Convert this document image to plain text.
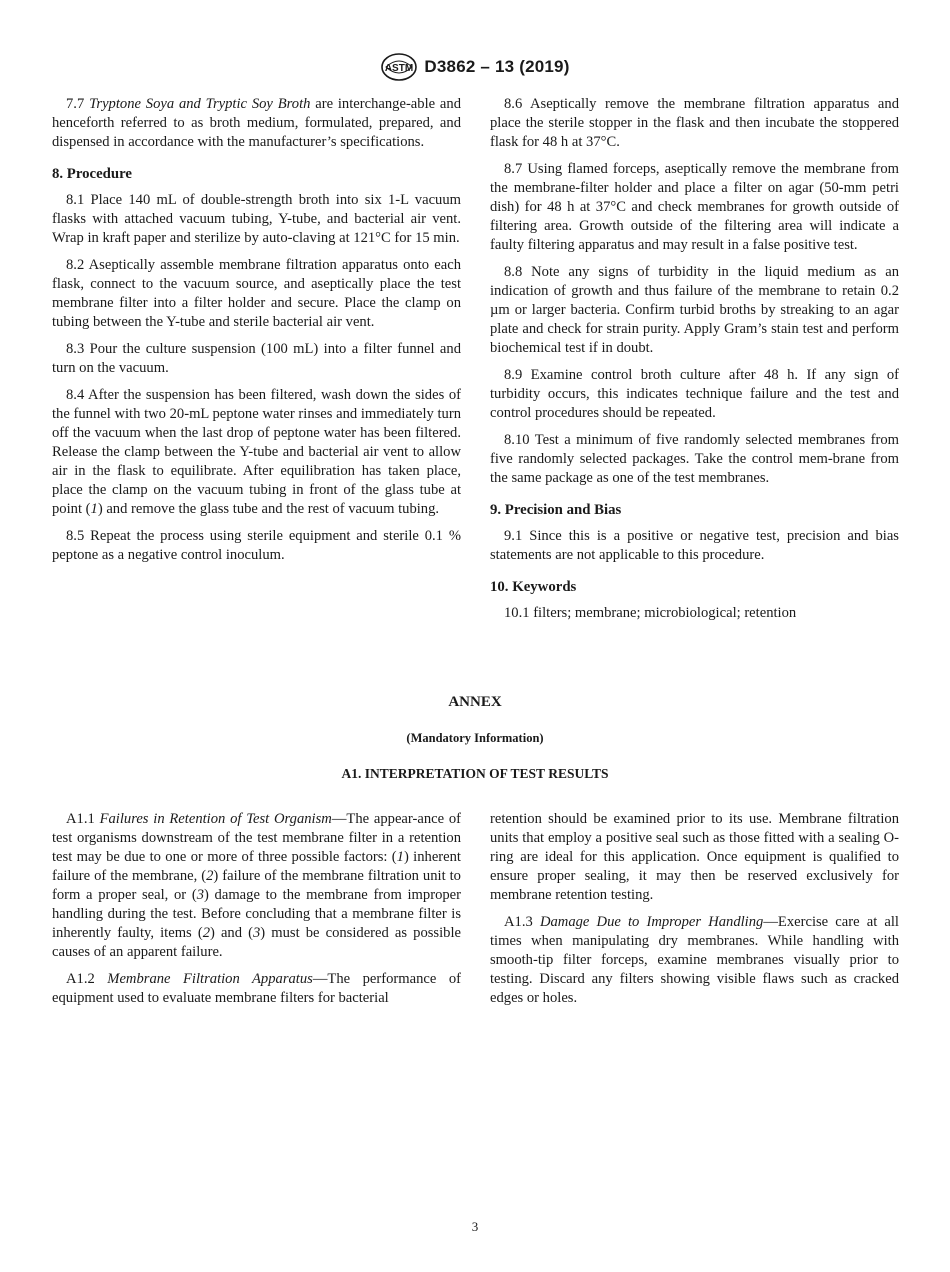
ASTM D3862 – 13 (2019)

7.7 Tryptone Soya and Tryptic Soy Broth are interchange-able and henceforth referred to as broth medium, formulated, prepared, and dispensed in accordance with the manufacturer’s specifications.

8. Procedure

8.1 Place 140 mL of double-strength broth into six 1-L vacuum flasks with attached vacuum tubing, Y-tube, and bacterial air vent. Wrap in kraft paper and sterilize by auto-claving at 121°C for 15 min.

8.2 Aseptically assemble membrane filtration apparatus onto each flask, connect to the vacuum source, and aseptically place the test membrane filter into a filter holder and secure. Place the clamp on tubing between the Y-tube and sterile bacterial air vent.

8.3 Pour the culture suspension (100 mL) into a filter funnel and turn on the vacuum.

8.4 After the suspension has been filtered, wash down the sides of the funnel with two 20-mL peptone water rinses and immediately turn off the vacuum when the last drop of peptone water has been filtered. Release the clamp between the Y-tube and bacterial air vent to allow air in the flask to equilibrate. After equilibration has taken place, place the clamp on the vacuum tubing in front of the glass tube at point (1) and remove the glass tube and the rest of vacuum tubing.

8.5 Repeat the process using sterile equipment and sterile 0.1 % peptone as a negative control inoculum.

8.6 Aseptically remove the membrane filtration apparatus and place the sterile stopper in the flask and then incubate the stoppered flask for 48 h at 37°C.

8.7 Using flamed forceps, aseptically remove the membrane from the membrane-filter holder and place a filter on agar (50-mm petri dish) for 48 h at 37°C and check membranes for growth outside of filtering area. Growth outside of the filtering area will indicate a faulty filtering apparatus and may result in a false positive test.

8.8 Note any signs of turbidity in the liquid medium as an indication of growth and thus failure of the membrane to retain 0.2 µm or larger bacteria. Confirm turbid broths by streaking to an agar plate and check for strain purity. Apply Gram’s stain test and perform biochemical test if in doubt.

8.9 Examine control broth culture after 48 h. If any sign of turbidity occurs, this indicates technique failure and the test and control procedures should be repeated.

8.10 Test a minimum of five randomly selected membranes from five randomly selected packages. Take the control mem-brane from the same package as one of the test membranes.

9. Precision and Bias

9.1 Since this is a positive or negative test, precision and bias statements are not applicable to this procedure.

10. Keywords

10.1 filters; membrane; microbiological; retention

ANNEX
(Mandatory Information)
A1. INTERPRETATION OF TEST RESULTS

A1.1 Failures in Retention of Test Organism—The appear-ance of test organisms downstream of the test membrane filter in a retention test may be due to one or more of three possible factors: (1) inherent failure of the membrane, (2) failure of the membrane filtration unit to form a proper seal, or (3) damage to the membrane from improper handling during the test. Before concluding that a membrane filter is inherently faulty, items (2) and (3) must be considered as possible causes of an apparent failure.

A1.2 Membrane Filtration Apparatus—The performance of equipment used to evaluate membrane filters for bacterial

retention should be examined prior to its use. Membrane filtration units that employ a positive seal such as those fitted with a sealing O-ring are ideal for this application. Once equipment is qualified to ensure proper sealing, it may then be reserved exclusively for membrane retention testing.

A1.3 Damage Due to Improper Handling—Exercise care at all times when manipulating dry membranes. While handling with smooth-tip filter forceps, examine membranes visually prior to testing. Discard any filters showing visible flaws such as cracked edges or holes.

3
